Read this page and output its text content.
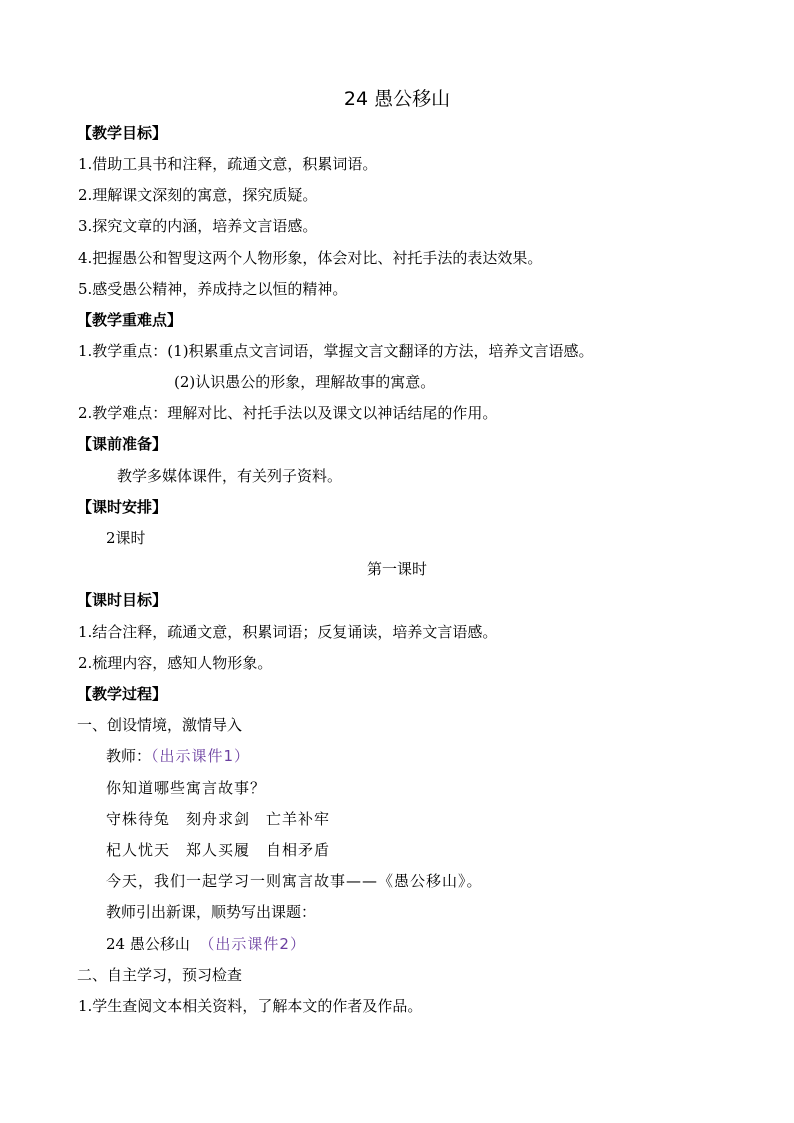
24 愚公移山
【教学目标】
1.借助工具书和注释，疏通文意，积累词语。
2.理解课文深刻的寓意，探究质疑。
3.探究文章的内涵，培养文言语感。
4.把握愚公和智叟这两个人物形象，体会对比、衬托手法的表达效果。
5.感受愚公精神，养成持之以恒的精神。
【教学重难点】
1.教学重点：(1)积累重点文言词语，掌握文言文翻译的方法，培养文言语感。
(2)认识愚公的形象，理解故事的寓意。
2.教学难点：理解对比、衬托手法以及课文以神话结尾的作用。
【课前准备】
教学多媒体课件，有关列子资料。
【课时安排】
2课时
第一课时
【课时目标】
1.结合注释，疏通文意，积累词语；反复诵读，培养文言语感。
2.梳理内容，感知人物形象。
【教学过程】
一、创设情境，激情导入
教师：（出示课件1）
你知道哪些寓言故事？
守株待兔　刻舟求剑　亡羊补牢
杞人忧天　郑人买履　自相矛盾
今天，我们一起学习一则寓言故事——《愚公移山》。
教师引出新课，顺势写出课题：
24 愚公移山 （出示课件2）
二、自主学习，预习检查
1.学生查阅文本相关资料，了解本文的作者及作品。
